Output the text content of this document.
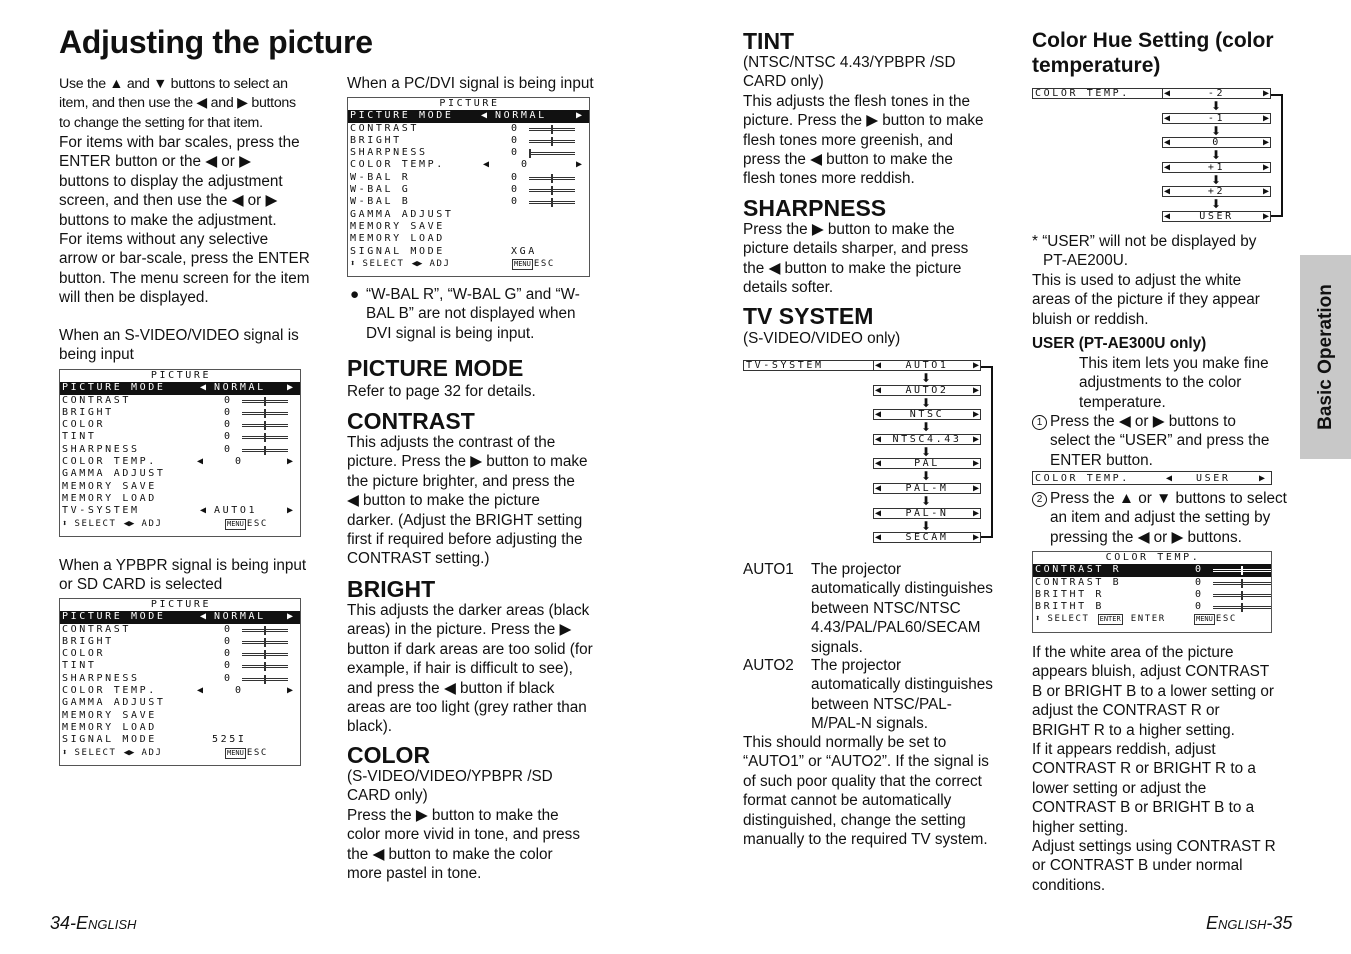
Adjusting the picture
Use the ▲ and ▼ buttons to select an
item, and then use the ◀ and ▶ buttons
to change the setting for that item.
For items with bar scales, press the
ENTER button or the ◀ or ▶
buttons to display the adjustment
screen, and then use the ◀ or ▶
buttons to make the adjustment.
For items without any selective
arrow or bar-scale, press the ENTER
button. The menu screen for the item
will then be displayed.
When an S-VIDEO/VIDEO signal is
being input
PICTURE
PICTURE MODE	◀ NORMAL ▶
CONTRAST	0
BRIGHT	0
COLOR	0
TINT	0
SHARPNESS	0
COLOR TEMP.	◀	0	▶
GAMMA ADJUST
MEMORY SAVE
MEMORY LOAD
TV-SYSTEM	◀ AUTO1	▶
⬍ SELECT ◀▶ ADJ	MENU ESC
When a YPBPR signal is being input
or SD CARD is selected
PICTURE
PICTURE MODE	◀ NORMAL ▶
CONTRAST	0
BRIGHT	0
COLOR	0
TINT	0
SHARPNESS	0
COLOR TEMP.	◀	0	▶
GAMMA ADJUST
MEMORY SAVE
MEMORY LOAD
SIGNAL MODE	525I
⬍ SELECT ◀▶ ADJ	MENU ESC
When a PC/DVI signal is being input
PICTURE
PICTURE MODE	◀ NORMAL	▶
CONTRAST	0
BRIGHT	0
SHARPNESS	0
COLOR TEMP.	◀	0	▶
W-BAL R	0
W-BAL G	0
W-BAL B	0
GAMMA ADJUST
MEMORY SAVE
MEMORY LOAD
SIGNAL MODE	XGA
⬍ SELECT ◀▶ ADJ	MENU ESC
● “W-BAL R”, “W-BAL G” and “W-
BAL B” are not displayed when
DVI signal is being input.
PICTURE MODE
Refer to page 32 for details.
CONTRAST
This adjusts the contrast of the
picture. Press the ▶ button to make
the picture brighter, and press the
◀ button to make the picture
darker. (Adjust the BRIGHT setting
first if required before adjusting the
CONTRAST setting.)
BRIGHT
This adjusts the darker areas (black
areas) in the picture. Press the ▶
button if dark areas are too solid (for
example, if hair is difficult to see),
and press the ◀ button if black
areas are too light (grey rather than
black).
COLOR
(S-VIDEO/VIDEO/YPBPR /SD
CARD only)
Press the ▶ button to make the
color more vivid in tone, and press
the ◀ button to make the color
more pastel in tone.
TINT
(NTSC/NTSC 4.43/YPBPR /SD
CARD only)
This adjusts the flesh tones in the
picture. Press the ▶ button to make
flesh tones more greenish, and
press the ◀ button to make the
flesh tones more reddish.
SHARPNESS
Press the ▶ button to make the
picture details sharper, and press
the ◀ button to make the picture
details softer.
TV SYSTEM
(S-VIDEO/VIDEO only)
TV-SYSTEM	◀ AUTO1 ▶
⬇
◀ AUTO2 ▶
⬇
◀	NTSC	▶
⬇
◀ NTSC4.43 ▶
⬇
◀	PAL	▶
⬇
◀ PAL-M ▶
⬇
◀ PAL-N ▶
⬇
◀ SECAM ▶
AUTO1 The projector
automatically distinguishes
between NTSC/NTSC
4.43/PAL/PAL60/SECAM
signals.
AUTO2 The projector
automatically distinguishes
between NTSC/PAL-
M/PAL-N signals.
This should normally be set to
“AUTO1” or “AUTO2”. If the signal is
of such poor quality that the correct
format cannot be automatically
distinguished, change the setting
manually to the required TV system.
Color Hue Setting (color
temperature)
COLOR TEMP.	◀	-2	▶
⬇
◀	-1	▶
⬇
◀	0	▶
⬇
◀	+1	▶
⬇
◀	+2	▶
⬇
◀	USER	▶
* “USER” will not be displayed by
PT-AE200U.
This is used to adjust the white
areas of the picture if they appear
bluish or reddish.
USER (PT-AE300U only)
This item lets you make fine
adjustments to the color
temperature.
1 Press the ◀ or ▶ buttons to
select the “USER” and press the
ENTER button.
COLOR TEMP.	◀ USER	▶
2 Press the ▲ or ▼ buttons to select
an item and adjust the setting by
pressing the ◀ or ▶ buttons.
COLOR TEMP.
CONTRAST R	0
CONTRAST B	0
BRITHT R	0
BRITHT B	0
⬍ SELECT ENTER ENTER	MENU ESC
If the white area of the picture
appears bluish, adjust CONTRAST
B or BRIGHT B to a lower setting or
adjust the CONTRAST R or
BRIGHT R to a higher setting.
If it appears reddish, adjust
CONTRAST R or BRIGHT R to a
lower setting or adjust the
CONTRAST B or BRIGHT B to a
higher setting.
Adjust settings using CONTRAST R
or CONTRAST B under normal
conditions.
Basic Operation
34-English	English-35
